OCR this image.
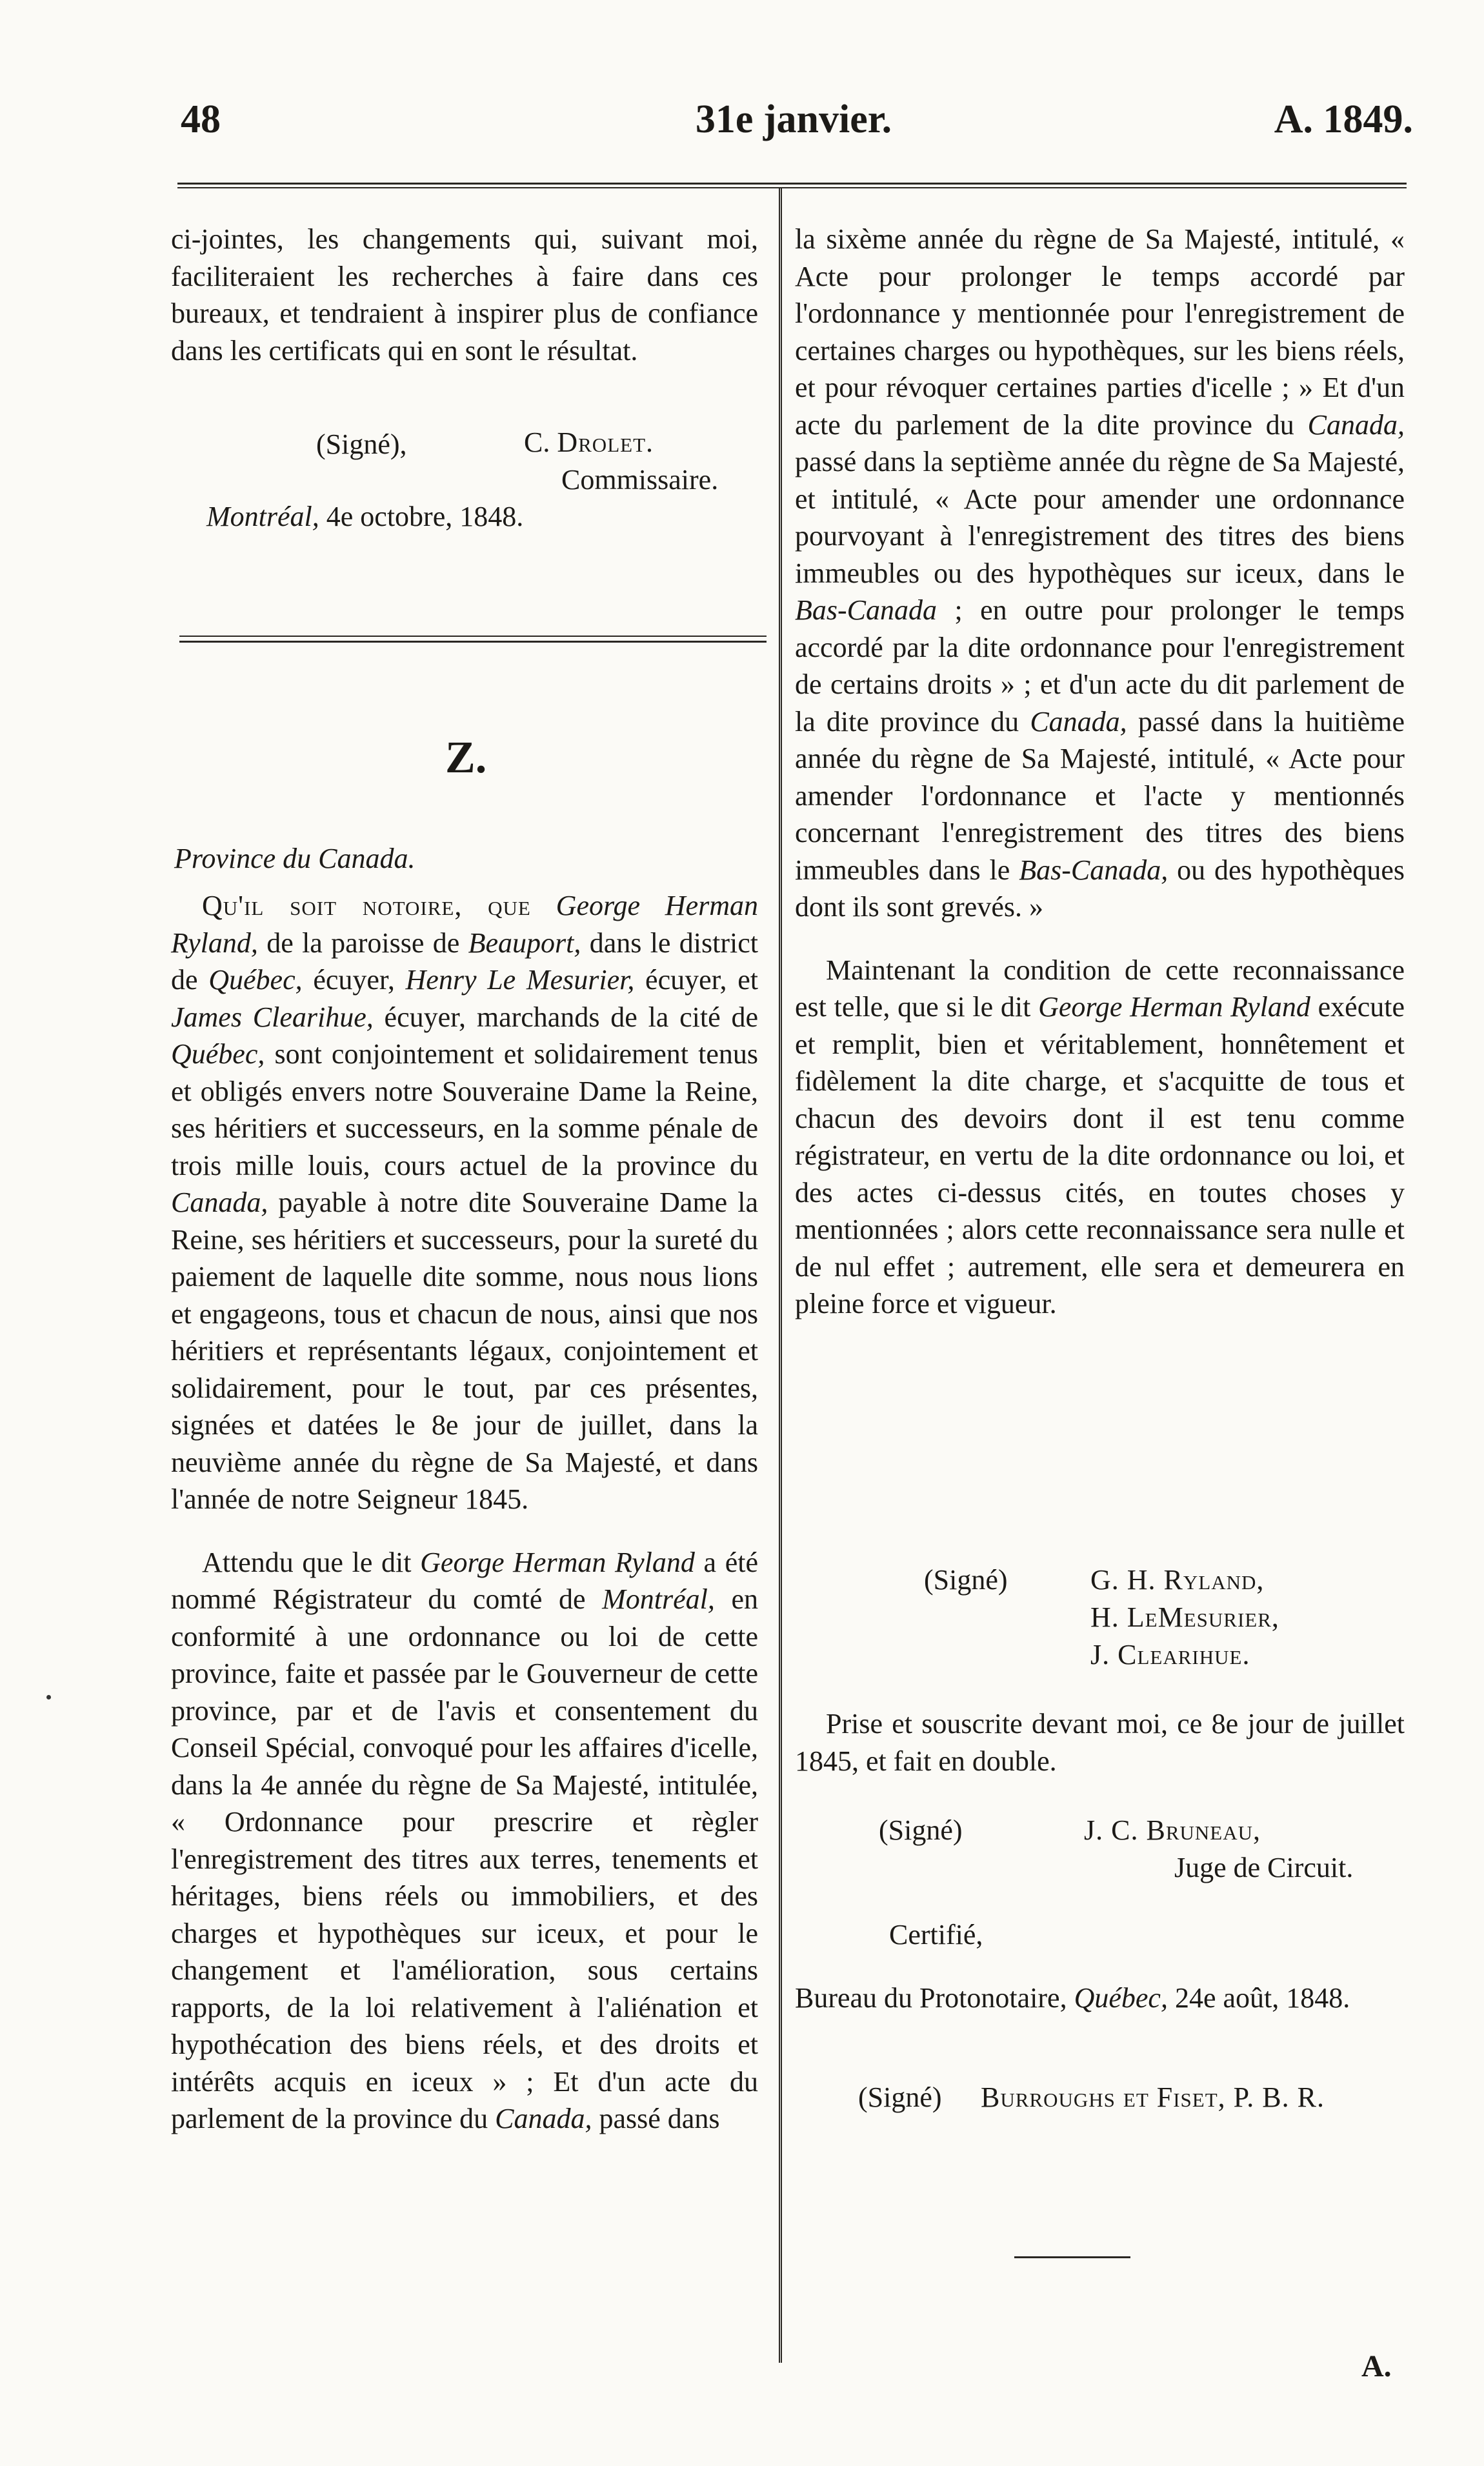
48	31e janvier.	A. 1849.

ci-jointes, les changements qui, suivant moi, faciliteraient les recherches à faire dans ces bureaux, et tendraient à inspirer plus de confiance dans les certificats qui en sont le résultat.

(Signé),	C. Drolet.
Commissaire.
Montréal, 4e octobre, 1848.
Z.
Province du Canada.

Qu'il soit notoire, que George Herman Ryland, de la paroisse de Beauport, dans le district de Québec, écuyer, Henry Le Mesurier, écuyer, et James Clearihue, écuyer, marchands de la cité de Québec, sont conjointement et solidairement tenus et obligés envers notre Souveraine Dame la Reine, ses héritiers et successeurs, en la somme pénale de trois mille louis, cours actuel de la province du Canada, payable à notre dite Souveraine Dame la Reine, ses héritiers et successeurs, pour la sureté du paiement de laquelle dite somme, nous nous lions et engageons, tous et chacun de nous, ainsi que nos héritiers et représentants légaux, conjointement et solidairement, pour le tout, par ces présentes, signées et datées le 8e jour de juillet, dans la neuvième année du règne de Sa Majesté, et dans l'année de notre Seigneur 1845.

Attendu que le dit George Herman Ryland a été nommé Régistrateur du comté de Montréal, en conformité à une ordonnance ou loi de cette province, faite et passée par le Gouverneur de cette province, par et de l'avis et consentement du Conseil Spécial, convoqué pour les affaires d'icelle, dans la 4e année du règne de Sa Majesté, intitulée, « Ordonnance pour prescrire et règler l'enregistrement des titres aux terres, tenements et héritages, biens réels ou immobiliers, et des charges et hypothèques sur iceux, et pour le changement et l'amélioration, sous certains rapports, de la loi relativement à l'aliénation et hypothécation des biens réels, et des droits et intérêts acquis en iceux » ; Et d'un acte du parlement de la province du Canada, passé dans

la sixème année du règne de Sa Majesté, intitulé, « Acte pour prolonger le temps accordé par l'ordonnance y mentionnée pour l'enregistrement de certaines charges ou hypothèques, sur les biens réels, et pour révoquer certaines parties d'icelle ; » Et d'un acte du parlement de la dite province du Canada, passé dans la septième année du règne de Sa Majesté, et intitulé, « Acte pour amender une ordonnance pourvoyant à l'enregistrement des titres des biens immeubles ou des hypothèques sur iceux, dans le Bas-Canada ; en outre pour prolonger le temps accordé par la dite ordonnance pour l'enregistrement de certains droits » ; et d'un acte du dit parlement de la dite province du Canada, passé dans la huitième année du règne de Sa Majesté, intitulé, « Acte pour amender l'ordonnance et l'acte y mentionnés concernant l'enregistrement des titres des biens immeubles dans le Bas-Canada, ou des hypothèques dont ils sont grevés. »

Maintenant la condition de cette reconnaissance est telle, que si le dit George Herman Ryland exécute et remplit, bien et véritablement, honnêtement et fidèlement la dite charge, et s'acquitte de tous et chacun des devoirs dont il est tenu comme régistrateur, en vertu de la dite ordonnance ou loi, et des actes ci-dessus cités, en toutes choses y mentionnées ; alors cette reconnaissance sera nulle et de nul effet ; autrement, elle sera et demeurera en pleine force et vigueur.

(Signé)	G. H. Ryland,
H. LeMesurier,
J. Clearihue.

Prise et souscrite devant moi, ce 8e jour de juillet 1845, et fait en double.

(Signé)	J. C. Bruneau,
Juge de Circuit.
Certifié,

Bureau du Protonotaire, Québec, 24e août, 1848.

(Signé) Burroughs et Fiset, P. B. R.
A.
